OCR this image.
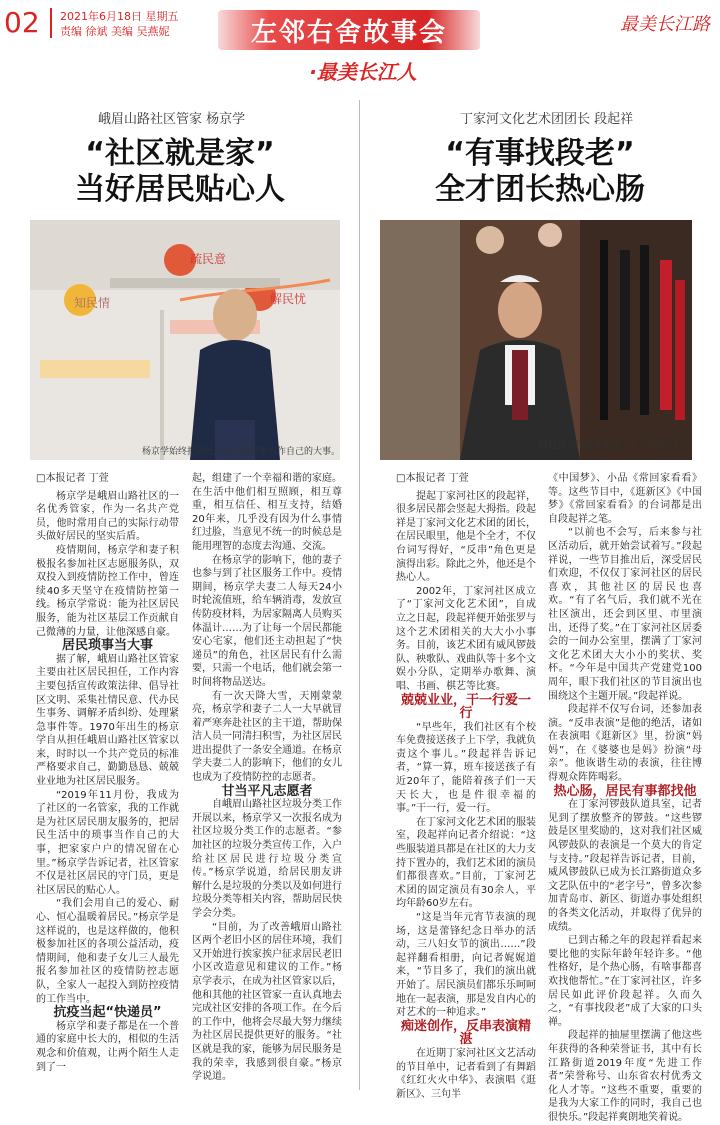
02 2021年6月18日 星期五
责编 徐斌 美编 吴燕妮	左邻右舍故事会	最美长江路
·最美长江人
峨眉山路社区管家 杨京学
“社区就是家”
当好居民贴心人
疏民意
知民情	解民忧
杨京学始终把居民生活中的琐事当作自己的大事。

□本报记者 丁萱

杨京学是峨眉山路社区的一名优秀管家，作为一名共产党员，他时常用自己的实际行动带头做好居民的坚实后盾。

疫情期间，杨京学和妻子积极报名参加社区志愿服务队，双双投入到疫情防控工作中，曾连续40多天坚守在疫情防控第一线。杨京学常说：能为社区居民服务，能为社区基层工作贡献自己微薄的力量，让他深感自豪。

居民琐事当大事

据了解，峨眉山路社区管家主要由社区居民担任，工作内容主要包括宣传政策法律、倡导社区文明、采集社情民意、代办民生事务、调解矛盾纠纷、处理紧急事件等。1970年出生的杨京学自从担任峨眉山路社区管家以来，时时以一个共产党员的标准严格要求自己，勤勤恳恳、兢兢业业地为社区居民服务。

“2019年11月份，我成为了社区的一名管家，我的工作就是为社区居民朋友服务的，把居民生活中的琐事当作自己的大事，把家家户户的情况留在心里。”杨京学告诉记者，社区管家不仅是社区居民的守门员，更是社区居民的贴心人。

“我们会用自己的爱心、耐心、恒心温暖着居民。”杨京学是这样说的，也是这样做的，他积极参加社区的各项公益活动，疫情期间，他和妻子女儿三人最先报名参加社区的疫情防控志愿队，全家人一起投入到防控疫情的工作当中。

抗疫当起“快递员”

杨京学和妻子都是在一个普通的家庭中长大的，相似的生活观念和价值观，让两个陌生人走到了一

起，组建了一个幸福和谐的家庭。在生活中他们相互照顾，相互尊重，相互信任、相互支持，结婚20年来，几乎没有因为什么事情红过脸，当意见不统一的时候总是能用理智的态度去沟通、交流。

在杨京学的影响下，他的妻子也参与到了社区服务工作中。疫情期间，杨京学夫妻二人每天24小时轮流值班，给车辆消毒，发放宣传防疫材料，为居家隔离人员购买体温计……为了让每一个居民都能安心宅家，他们还主动担起了“快递员”的角色，社区居民有什么需要，只需一个电话，他们就会第一时间将物品送达。

有一次天降大雪，天刚蒙蒙亮，杨京学和妻子二人一大早就冒着严寒奔赴社区的主干道，帮助保洁人员一同清扫积雪，为社区居民进出提供了一条安全通道。在杨京学夫妻二人的影响下，他们的女儿也成为了疫情防控的志愿者。

甘当平凡志愿者

自峨眉山路社区垃圾分类工作开展以来，杨京学又一次报名成为社区垃圾分类工作的志愿者。“参加社区的垃圾分类宣传工作，入户给社区居民进行垃圾分类宣传。”杨京学说道，给居民朋友讲解什么是垃圾的分类以及如何进行垃圾分类等相关内容，帮助居民快学会分类。

“目前，为了改善峨眉山路社区两个老旧小区的居住环境，我们又开始进行挨家挨户征求居民老旧小区改造意见和建议的工作。”杨京学表示，在成为社区管家以后，他和其他的社区管家一直认真地去完成社区安排的各项工作。在今后的工作中，他将会尽最大努力继续为社区居民提供更好的服务。“社区就是我的家，能够为居民服务是我的荣幸，我感到很自豪。”杨京学说道。

丁家河文化艺术团团长 段起祥
“有事找段老”
全才团长热心肠
段起祥工作兢兢业业，干一行爱一行。

□本报记者 丁萱

提起丁家河社区的段起祥，很多居民都会竖起大拇指。段起祥是丁家河文化艺术团的团长，在居民眼里，他是个全才，不仅台词写得好，“反串”角色更是演得出彩。除此之外，他还是个热心人。

2002年，丁家河社区成立了“丁家河文化艺术团”，自成立之日起，段起祥便开始张罗与这个艺术团相关的大大小小事务。目前，该艺术团有威风锣鼓队、秧歌队、戏曲队等十多个文娱小分队，定期举办歌舞、演唱、书画、棋艺等比赛。

兢兢业业，干一行爱一行

“早些年，我们社区有个校车免费接送孩子上下学，我就负责这个事儿。”段起祥告诉记者，“算一算，班车接送孩子有近20年了，能陪着孩子们一天天长大，也是件很幸福的事。”干一行，爱一行。

在丁家河文化艺术团的服装室，段起祥向记者介绍说：“这些服装道具都是在社区的大力支持下置办的，我们艺术团的演员们都很喜欢。”目前，丁家河艺术团的固定演员有30余人，平均年龄60岁左右。

“这是当年元宵节表演的现场，这是蕾锋纪念日举办的活动，三八妇女节的演出……”段起祥翻看相册，向记者娓娓道来，“节目多了，我们的演出就开始了。居民演员们都乐乐呵呵地在一起表演，那是发自内心的对艺术的一种追求。”

痴迷创作，反串表演精湛

在近期丁家河社区文艺活动的节目单中，记者看到了有舞蹈《红红火火中华》、表演唱《逛新区》、三句半

《中国梦》、小品《常回家看看》等。这些节目中，《逛新区》《中国梦》《常回家看看》的台词都是出自段起祥之笔。

“以前也不会写，后来参与社区活动后，就开始尝试着写。”段起祥说，一些节目推出后，深受居民们欢迎，不仅仅丁家河社区的居民喜欢，其他社区的居民也喜欢。“有了名气后，我们就不光在社区演出，还会到区里、市里演出，还得了奖。”在丁家河社区居委会的一间办公室里，摆满了丁家河文化艺术团大大小小的奖状、奖杯。“今年是中国共产党建党100周年，眼下我们社区的节目演出也围绕这个主题开展。”段起祥说。

段起祥不仅写台词，还参加表演。“反串表演”是他的绝活，诸如在表演唱《逛新区》里，扮演“妈妈”，在《婆婆也是妈》扮演“母亲”。他诙谐生动的表演，往往博得观众阵阵喝彩。

热心肠，居民有事都找他

在丁家河锣鼓队道具室，记者见到了摆放整齐的锣鼓。“这些锣鼓是区里奖励的，这对我们社区威风锣鼓队的表演是一个莫大的肯定与支持。”段起祥告诉记者，目前，威风锣鼓队已成为长江路街道众多文艺队伍中的“老字号”，曾多次参加青岛市、新区、街道办事处组织的各类文化活动，并取得了优异的成绩。

已到古稀之年的段起祥看起来要比他的实际年龄年轻许多。“他性格好，是个热心肠，有啥事都喜欢找他帮忙。”在丁家河社区，许多居民如此评价段起祥。久而久之，“有事找段老”成了大家的口头禅。

段起祥的抽屉里摆满了他这些年获得的各种荣誉证书，其中有长江路街道2019年度“先进工作者”荣誉称号、山东省农村优秀文化人才等。“这些不重要，重要的是我为大家工作的同时，我自己也很快乐。”段起祥爽朗地笑着说。
